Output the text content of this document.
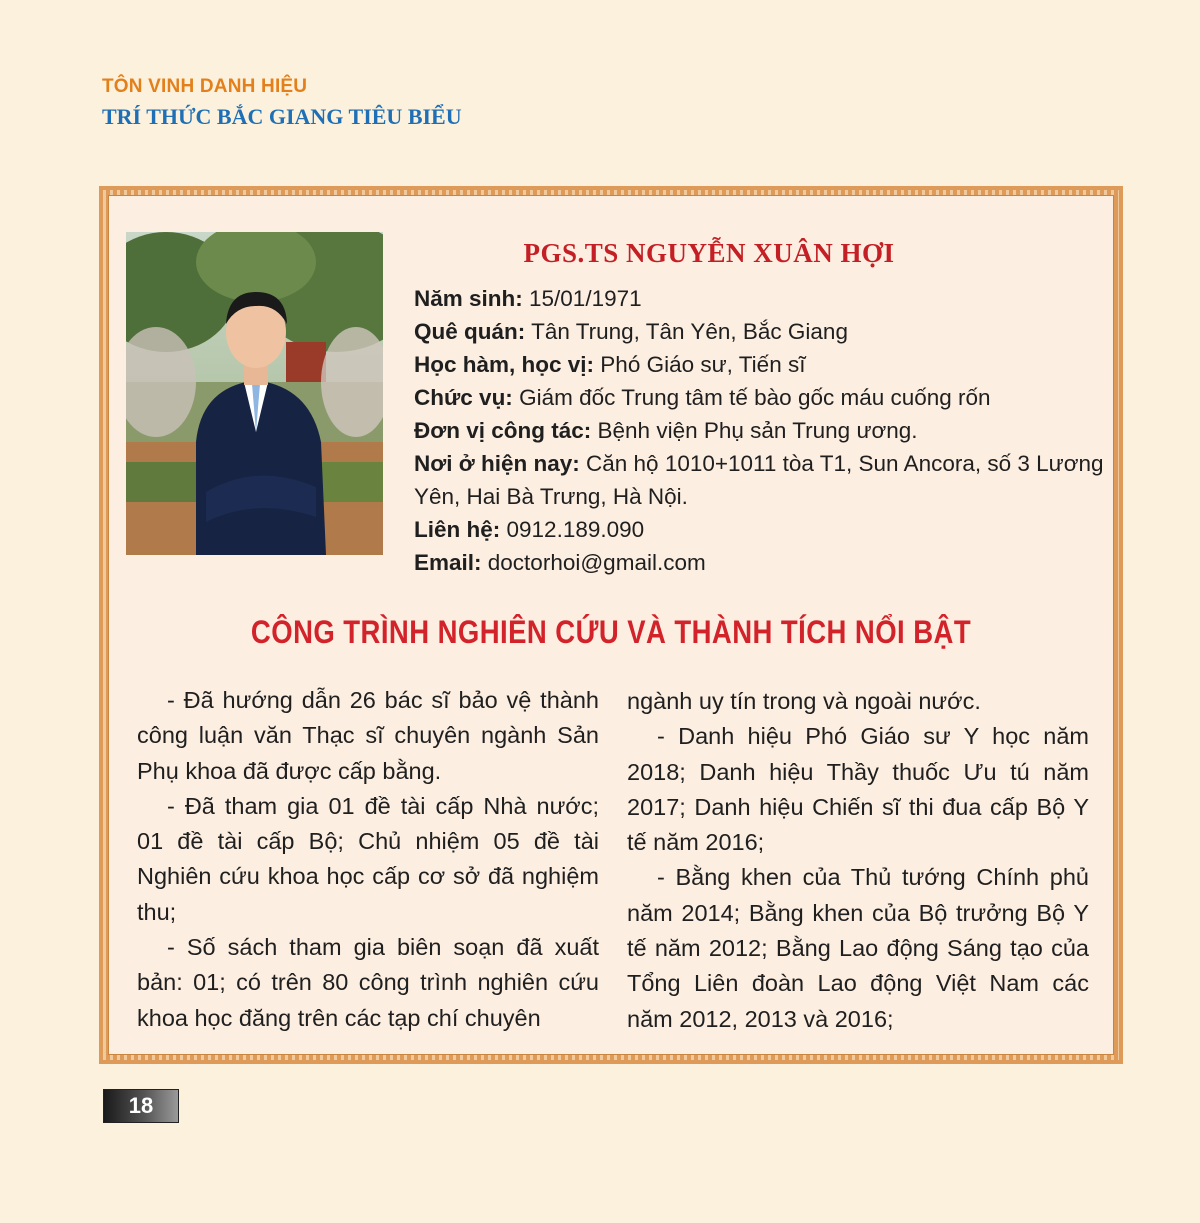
TÔN VINH DANH HIỆU
TRÍ THỨC BẮC GIANG TIÊU BIỂU
PGS.TS NGUYỄN XUÂN HỢI
Năm sinh: 15/01/1971
Quê quán: Tân Trung, Tân Yên, Bắc Giang
Học hàm, học vị: Phó Giáo sư, Tiến sĩ
Chức vụ: Giám đốc Trung tâm tế bào gốc máu cuống rốn
Đơn vị công tác: Bệnh viện Phụ sản Trung ương.
Nơi ở hiện nay: Căn hộ 1010+1011 tòa T1, Sun Ancora, số 3 Lương Yên, Hai Bà Trưng, Hà Nội.
Liên hệ: 0912.189.090
Email: doctorhoi@gmail.com
CÔNG TRÌNH NGHIÊN CỨU VÀ THÀNH TÍCH NỔI BẬT

- Đã hướng dẫn 26 bác sĩ bảo vệ thành công luận văn Thạc sĩ chuyên ngành Sản Phụ khoa đã được cấp bằng.

- Đã tham gia 01 đề tài cấp Nhà nước; 01 đề tài cấp Bộ; Chủ nhiệm 05 đề tài Nghiên cứu khoa học cấp cơ sở đã nghiệm thu;

- Số sách tham gia biên soạn đã xuất bản: 01; có trên 80 công trình nghiên cứu khoa học đăng trên các tạp chí chuyên

ngành uy tín trong và ngoài nước.

- Danh hiệu Phó Giáo sư Y học năm 2018; Danh hiệu Thầy thuốc Ưu tú năm 2017; Danh hiệu Chiến sĩ thi đua cấp Bộ Y tế năm 2016;

- Bằng khen của Thủ tướng Chính phủ năm 2014; Bằng khen của Bộ trưởng Bộ Y tế năm 2012; Bằng Lao động Sáng tạo của Tổng Liên đoàn Lao động Việt Nam các năm 2012, 2013 và 2016;

18
